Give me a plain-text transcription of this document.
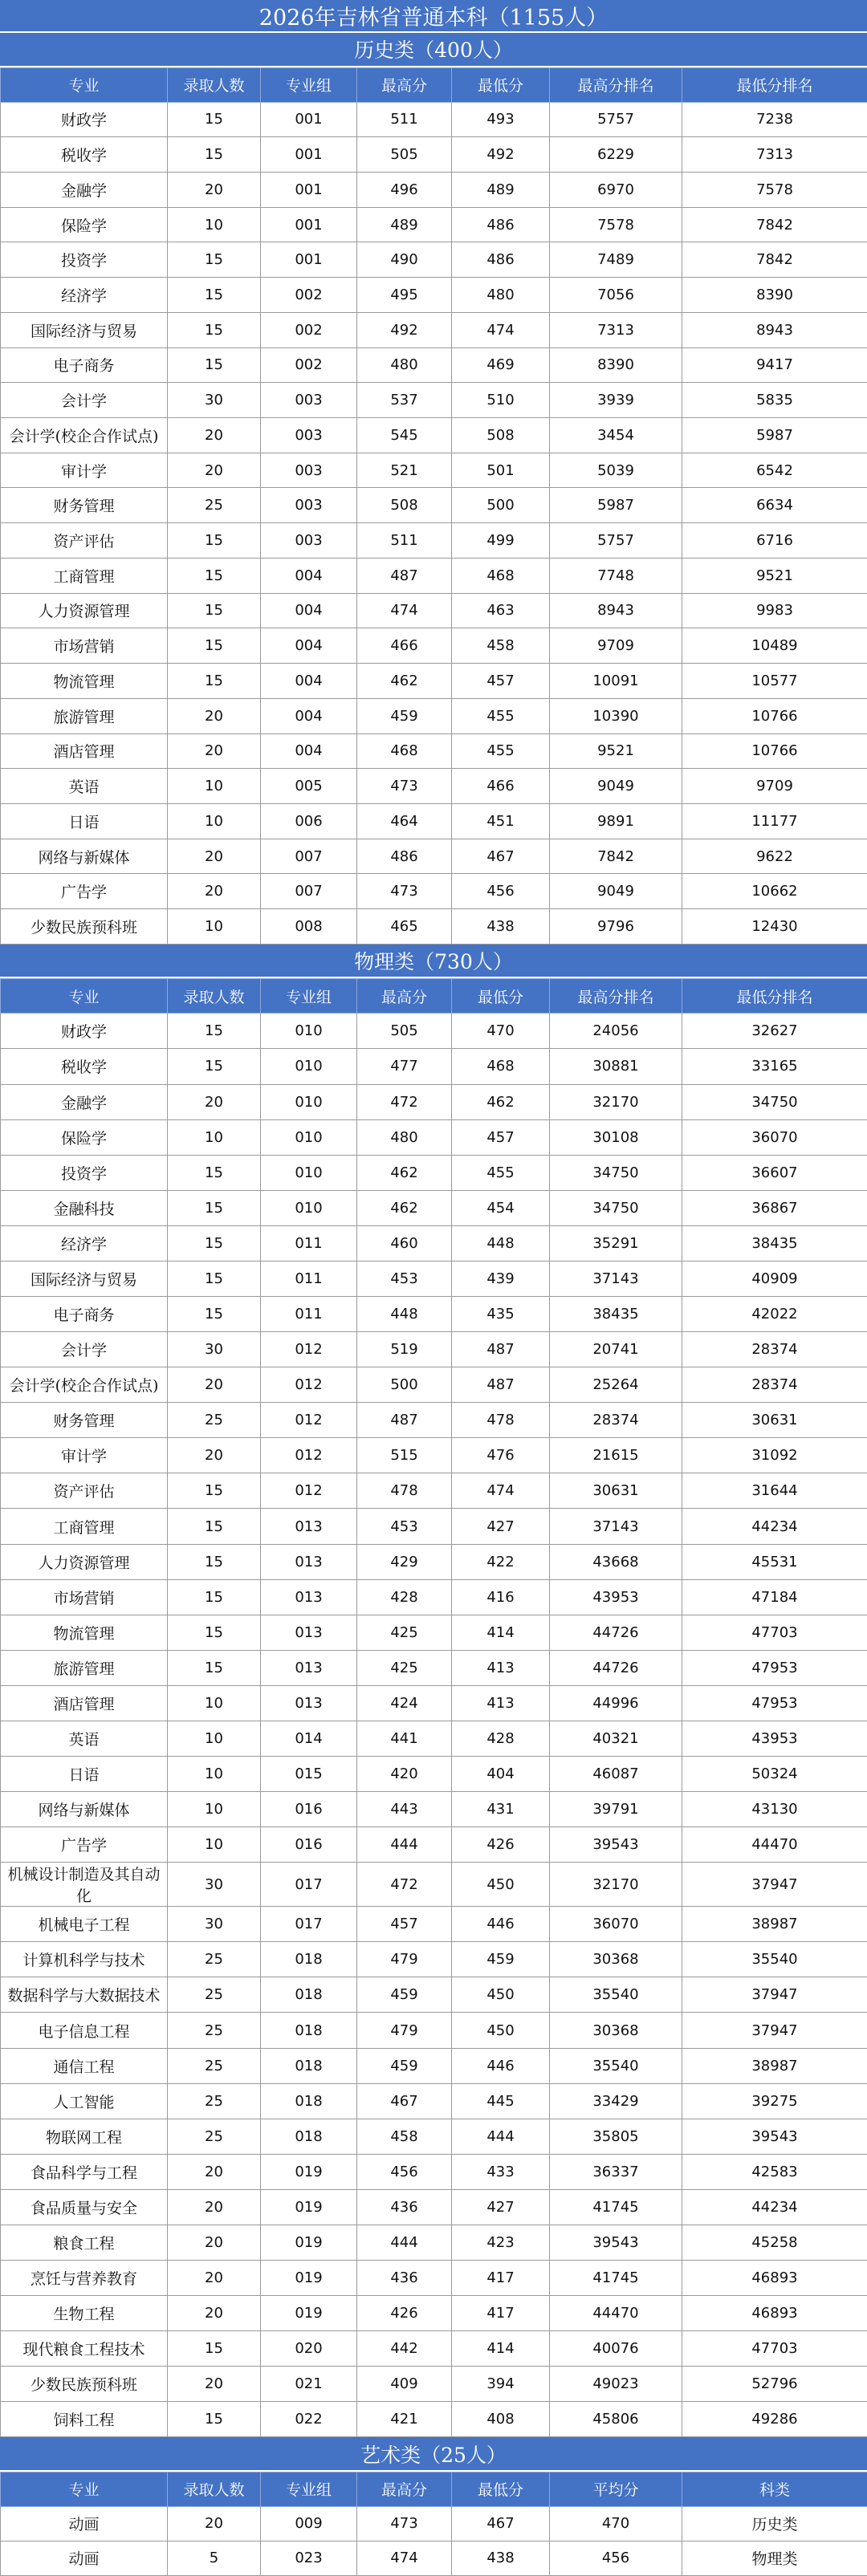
2026年吉林省普通本科（1155人）
历史类（400人）
专业	录取人数	专业组	最高分	最低分	最高分排名	最低分排名
财政学	15	001	511	493	5757	7238
税收学	15	001	505	492	6229	7313
金融学	20	001	496	489	6970	7578
保险学	10	001	489	486	7578	7842
投资学	15	001	490	486	7489	7842
经济学	15	002	495	480	7056	8390
国际经济与贸易	15	002	492	474	7313	8943
电子商务	15	002	480	469	8390	9417
会计学	30	003	537	510	3939	5835
会计学(校企合作试点)	20	003	545	508	3454	5987
审计学	20	003	521	501	5039	6542
财务管理	25	003	508	500	5987	6634
资产评估	15	003	511	499	5757	6716
工商管理	15	004	487	468	7748	9521
人力资源管理	15	004	474	463	8943	9983
市场营销	15	004	466	458	9709	10489
物流管理	15	004	462	457	10091	10577
旅游管理	20	004	459	455	10390	10766
酒店管理	20	004	468	455	9521	10766
英语	10	005	473	466	9049	9709
日语	10	006	464	451	9891	11177
网络与新媒体	20	007	486	467	7842	9622
广告学	20	007	473	456	9049	10662
少数民族预科班	10	008	465	438	9796	12430
物理类（730人）
专业	录取人数	专业组	最高分	最低分	最高分排名	最低分排名
财政学	15	010	505	470	24056	32627
税收学	15	010	477	468	30881	33165
金融学	20	010	472	462	32170	34750
保险学	10	010	480	457	30108	36070
投资学	15	010	462	455	34750	36607
金融科技	15	010	462	454	34750	36867
经济学	15	011	460	448	35291	38435
国际经济与贸易	15	011	453	439	37143	40909
电子商务	15	011	448	435	38435	42022
会计学	30	012	519	487	20741	28374
会计学(校企合作试点)	20	012	500	487	25264	28374
财务管理	25	012	487	478	28374	30631
审计学	20	012	515	476	21615	31092
资产评估	15	012	478	474	30631	31644
工商管理	15	013	453	427	37143	44234
人力资源管理	15	013	429	422	43668	45531
市场营销	15	013	428	416	43953	47184
物流管理	15	013	425	414	44726	47703
旅游管理	15	013	425	413	44726	47953
酒店管理	10	013	424	413	44996	47953
英语	10	014	441	428	40321	43953
日语	10	015	420	404	46087	50324
网络与新媒体	10	016	443	431	39791	43130
广告学	10	016	444	426	39543	44470
机械设计制造及其自动化	30	017	472	450	32170	37947
机械电子工程	30	017	457	446	36070	38987
计算机科学与技术	25	018	479	459	30368	35540
数据科学与大数据技术	25	018	459	450	35540	37947
电子信息工程	25	018	479	450	30368	37947
通信工程	25	018	459	446	35540	38987
人工智能	25	018	467	445	33429	39275
物联网工程	25	018	458	444	35805	39543
食品科学与工程	20	019	456	433	36337	42583
食品质量与安全	20	019	436	427	41745	44234
粮食工程	20	019	444	423	39543	45258
烹饪与营养教育	20	019	436	417	41745	46893
生物工程	20	019	426	417	44470	46893
现代粮食工程技术	15	020	442	414	40076	47703
少数民族预科班	20	021	409	394	49023	52796
饲料工程	15	022	421	408	45806	49286
艺术类（25人）
专业	录取人数	专业组	最高分	最低分	平均分	科类
动画	20	009	473	467	470	历史类
动画	5	023	474	438	456	物理类
